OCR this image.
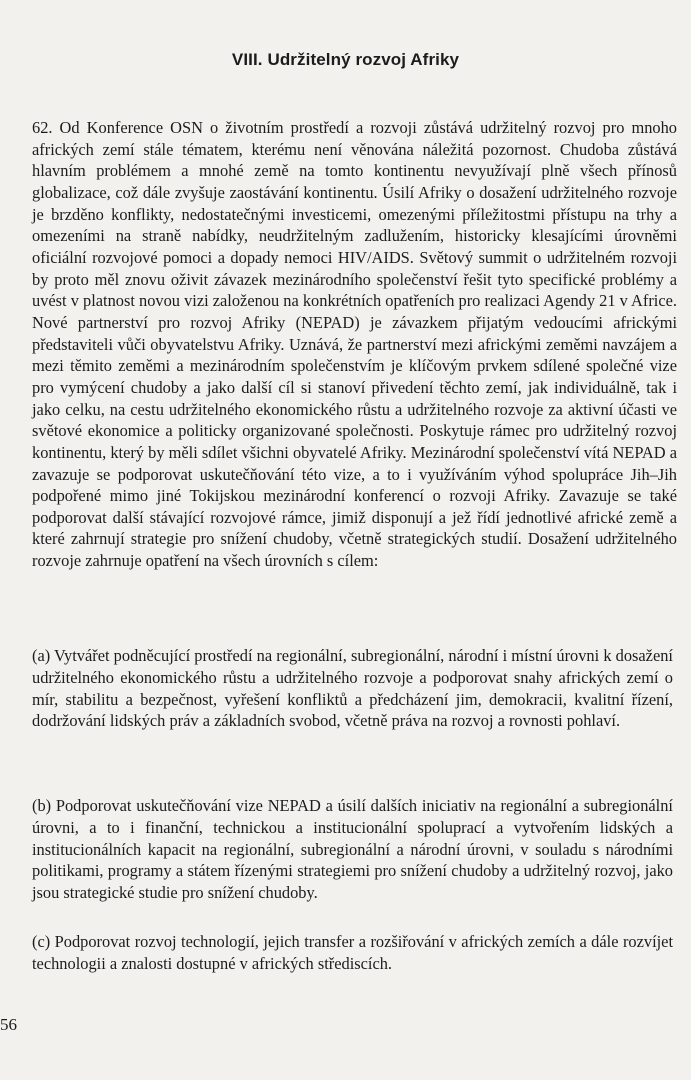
VIII. Udržitelný rozvoj Afriky

62. Od Konference OSN o životním prostředí a rozvoji zůstává udržitelný rozvoj pro mnoho afrických zemí stále tématem, kterému není věnována náležitá pozornost. Chudoba zůstává hlavním problémem a mnohé země na tomto kontinentu nevyužívají plně všech přínosů globalizace, což dále zvyšuje zaostávání kontinentu. Úsilí Afriky o dosažení udržitelného rozvoje je brzděno konflikty, nedostatečnými investicemi, omezenými příležitostmi přístupu na trhy a omezeními na straně nabídky, neudržitelným zadlužením, historicky klesajícími úrovněmi oficiální rozvojové pomoci a dopady nemoci HIV/AIDS. Světový summit o udržitelném rozvoji by proto měl znovu oživit závazek mezinárodního společenství řešit tyto specifické problémy a uvést v platnost novou vizi založenou na konkrétních opatřeních pro realizaci Agendy 21 v Africe. Nové partnerství pro rozvoj Afriky (NEPAD) je závazkem přijatým vedoucími africkými představiteli vůči obyvatelstvu Afriky. Uznává, že partnerství mezi africkými zeměmi navzájem a mezi těmito zeměmi a mezinárodním společenstvím je klíčovým prvkem sdílené společné vize pro vymýcení chudoby a jako další cíl si stanoví přivedení těchto zemí, jak individuálně, tak i jako celku, na cestu udržitelného ekonomického růstu a udržitelného rozvoje za aktivní účasti ve světové ekonomice a politicky organizované společnosti. Poskytuje rámec pro udržitelný rozvoj kontinentu, který by měli sdílet všichni obyvatelé Afriky. Mezinárodní společenství vítá NEPAD a zavazuje se podporovat uskutečňování této vize, a to i využíváním výhod spolupráce Jih–Jih podpořené mimo jiné Tokijskou mezinárodní konferencí o rozvoji Afriky. Zavazuje se také podporovat další stávající rozvojové rámce, jimiž disponují a jež řídí jednotlivé africké země a které zahrnují strategie pro snížení chudoby, včetně strategických studií. Dosažení udržitelného rozvoje zahrnuje opatření na všech úrovních s cílem:

(a) Vytvářet podněcující prostředí na regionální, subregionální, národní i místní úrovni k dosažení udržitelného ekonomického růstu a udržitelného rozvoje a podporovat snahy afrických zemí o mír, stabilitu a bezpečnost, vyřešení konfliktů a předcházení jim, demokracii, kvalitní řízení, dodržování lidských práv a základních svobod, včetně práva na rozvoj a rovnosti pohlaví.

(b) Podporovat uskutečňování vize NEPAD a úsilí dalších iniciativ na regionální a subregionální úrovni, a to i finanční, technickou a institucionální spoluprací a vytvořením lidských a institucionálních kapacit na regionální, subregionální a národní úrovni, v souladu s národními politikami, programy a státem řízenými strategiemi pro snížení chudoby a udržitelný rozvoj, jako jsou strategické studie pro snížení chudoby.

(c) Podporovat rozvoj technologií, jejich transfer a rozšiřování v afrických zemích a dále rozvíjet technologii a znalosti dostupné v afrických střediscích.

56
